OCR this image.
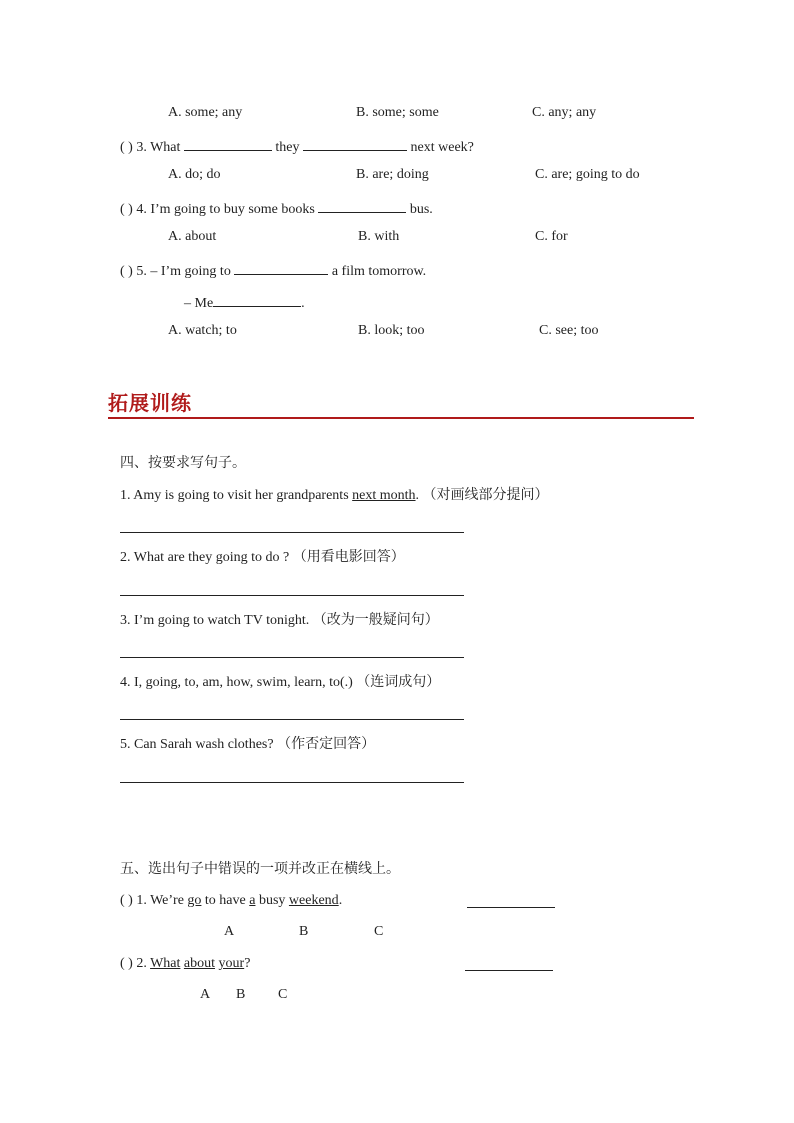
A. some; any	B. some; some	C. any; any
( ) 3. What	they	next week?
A. do; do	B. are; doing	C. are; going to do
( ) 4. I’m going to buy some books	bus.
A. about	B. with	C. for
( ) 5. – I’m going to	a film tomorrow.
– Me	.
A. watch; to	B. look; too	C. see; too
拓展训练
四、按要求写句子。
1. Amy is going to visit her grandparents next month. （对画线部分提问）
2. What are they going to do ? （用看电影回答）
3. I’m going to watch TV tonight. （改为一般疑问句）
4. I, going, to, am, how, swim, learn, to(.) （连词成句）
5. Can Sarah wash clothes? （作否定回答）
五、选出句子中错误的一项并改正在横线上。
( ) 1. We’re go to have a busy weekend.
A	B	C
( ) 2. What about your?
A B C
